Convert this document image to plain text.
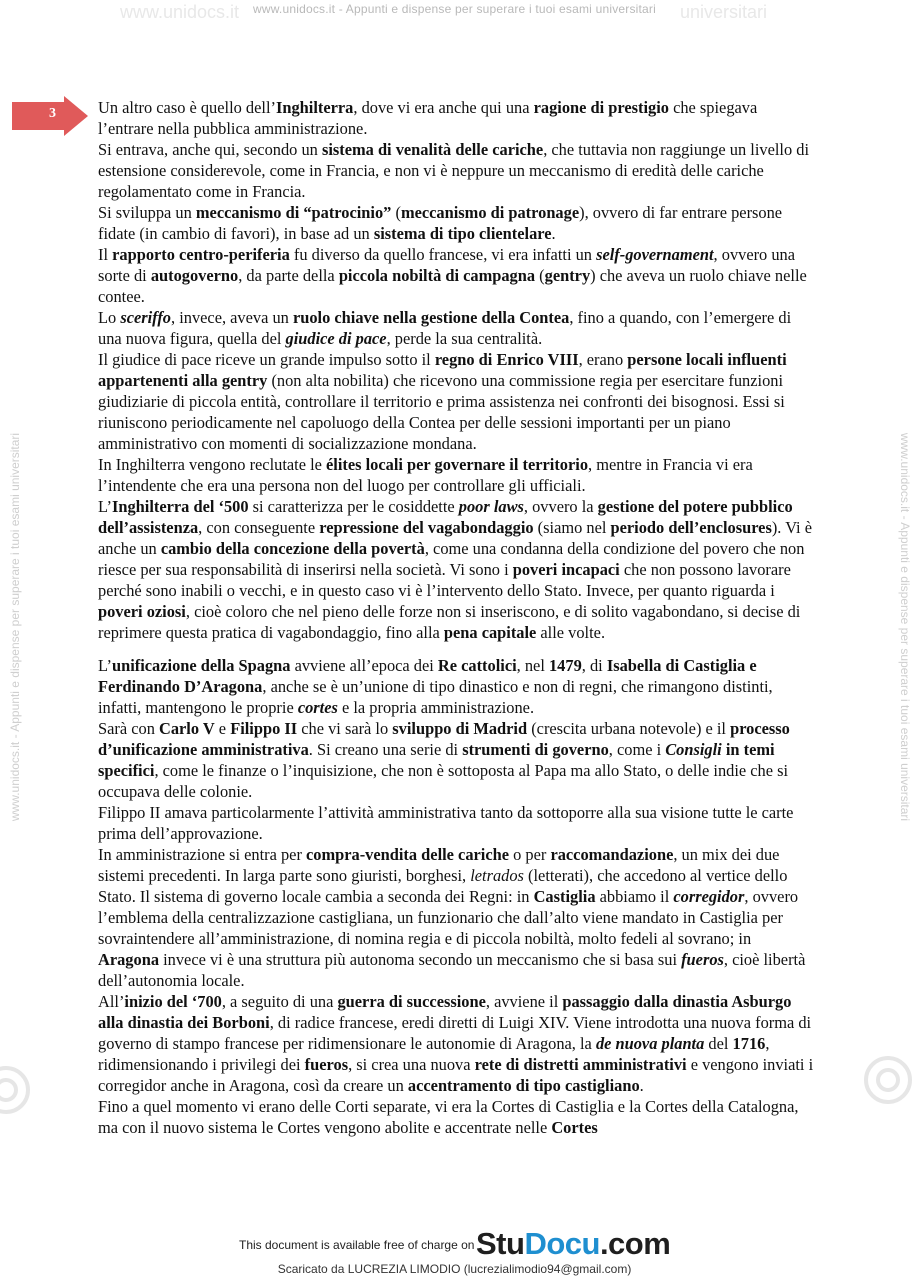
www.unidocs.it - Appunti e dispense per superare i tuoi esami universitari
www.unidocs.it - Appunti e dispense per superare i tuoi esami universitari	www.unidocs.it - Appunti e dispense per superare i tuoi esami universitari
www.unidocs.it	universitari
3	Un altro caso è quello dell’Inghilterra, dove vi era anche qui una ragione di prestigio che spiegava l’entrare nella pubblica amministrazione.

Si entrava, anche qui, secondo un sistema di venalità delle cariche, che tuttavia non raggiunge un livello di estensione considerevole, come in Francia, e non vi è neppure un meccanismo di eredità delle cariche regolamentato come in Francia.

Si sviluppa un meccanismo di “patrocinio” (meccanismo di patronage), ovvero di far entrare persone fidate (in cambio di favori), in base ad un sistema di tipo clientelare.

Il rapporto centro-periferia fu diverso da quello francese, vi era infatti un self-governament, ovvero una sorte di autogoverno, da parte della piccola nobiltà di campagna (gentry) che aveva un ruolo chiave nelle contee.

Lo sceriffo, invece, aveva un ruolo chiave nella gestione della Contea, fino a quando, con l’emergere di una nuova figura, quella del giudice di pace, perde la sua centralità.

Il giudice di pace riceve un grande impulso sotto il regno di Enrico VIII, erano persone locali influenti appartenenti alla gentry (non alta nobilita) che ricevono una commissione regia per esercitare funzioni giudiziarie di piccola entità, controllare il territorio e prima assistenza nei confronti dei bisognosi. Essi si riuniscono periodicamente nel capoluogo della Contea per delle sessioni importanti per un piano amministrativo con momenti di socializzazione mondana.

In Inghilterra vengono reclutate le élites locali per governare il territorio, mentre in Francia vi era l’intendente che era una persona non del luogo per controllare gli ufficiali.

L’Inghilterra del ‘500 si caratterizza per le cosiddette poor laws, ovvero la gestione del potere pubblico dell’assistenza, con conseguente repressione del vagabondaggio (siamo nel periodo dell’enclosures). Vi è anche un cambio della concezione della povertà, come una condanna della condizione del povero che non riesce per sua responsabilità di inserirsi nella società. Vi sono i poveri incapaci che non possono lavorare perché sono inabili o vecchi, e in questo caso vi è l’intervento dello Stato. Invece, per quanto riguarda i poveri oziosi, cioè coloro che nel pieno delle forze non si inseriscono, e di solito vagabondano, si decise di reprimere questa pratica di vagabondaggio, fino alla pena capitale alle volte.

L’unificazione della Spagna avviene all’epoca dei Re cattolici, nel 1479, di Isabella di Castiglia e Ferdinando D’Aragona, anche se è un’unione di tipo dinastico e non di regni, che rimangono distinti, infatti, mantengono le proprie cortes e la propria amministrazione.

Sarà con Carlo V e Filippo II che vi sarà lo sviluppo di Madrid (crescita urbana notevole) e il processo d’unificazione amministrativa. Si creano una serie di strumenti di governo, come i Consigli in temi specifici, come le finanze o l’inquisizione, che non è sottoposta al Papa ma allo Stato, o delle indie che si occupava delle colonie.

Filippo II amava particolarmente l’attività amministrativa tanto da sottoporre alla sua visione tutte le carte prima dell’approvazione.

In amministrazione si entra per compra-vendita delle cariche o per raccomandazione, un mix dei due sistemi precedenti. In larga parte sono giuristi, borghesi, letrados (letterati), che accedono al vertice dello Stato. Il sistema di governo locale cambia a seconda dei Regni: in Castiglia abbiamo il corregidor, ovvero l’emblema della centralizzazione castigliana, un funzionario che dall’alto viene mandato in Castiglia per sovraintendere all’amministrazione, di nomina regia e di piccola nobiltà, molto fedeli al sovrano; in Aragona invece vi è una struttura più autonoma secondo un meccanismo che si basa sui fueros, cioè libertà dell’autonomia locale.

All’inizio del ‘700, a seguito di una guerra di successione, avviene il passaggio dalla dinastia Asburgo alla dinastia dei Borboni, di radice francese, eredi diretti di Luigi XIV. Viene introdotta una nuova forma di governo di stampo francese per ridimensionare le autonomie di Aragona, la de nuova planta del 1716, ridimensionando i privilegi dei fueros, si crea una nuova rete di distretti amministrativi e vengono inviati i corregidor anche in Aragona, così da creare un accentramento di tipo castigliano.

Fino a quel momento vi erano delle Corti separate, vi era la Cortes di Castiglia e la Cortes della Catalogna, ma con il nuovo sistema le Cortes vengono abolite e accentrate nelle Cortes

This document is available free of charge on StuDocu.com
Scaricato da LUCREZIA LIMODIO (lucrezialimodio94@gmail.com)
